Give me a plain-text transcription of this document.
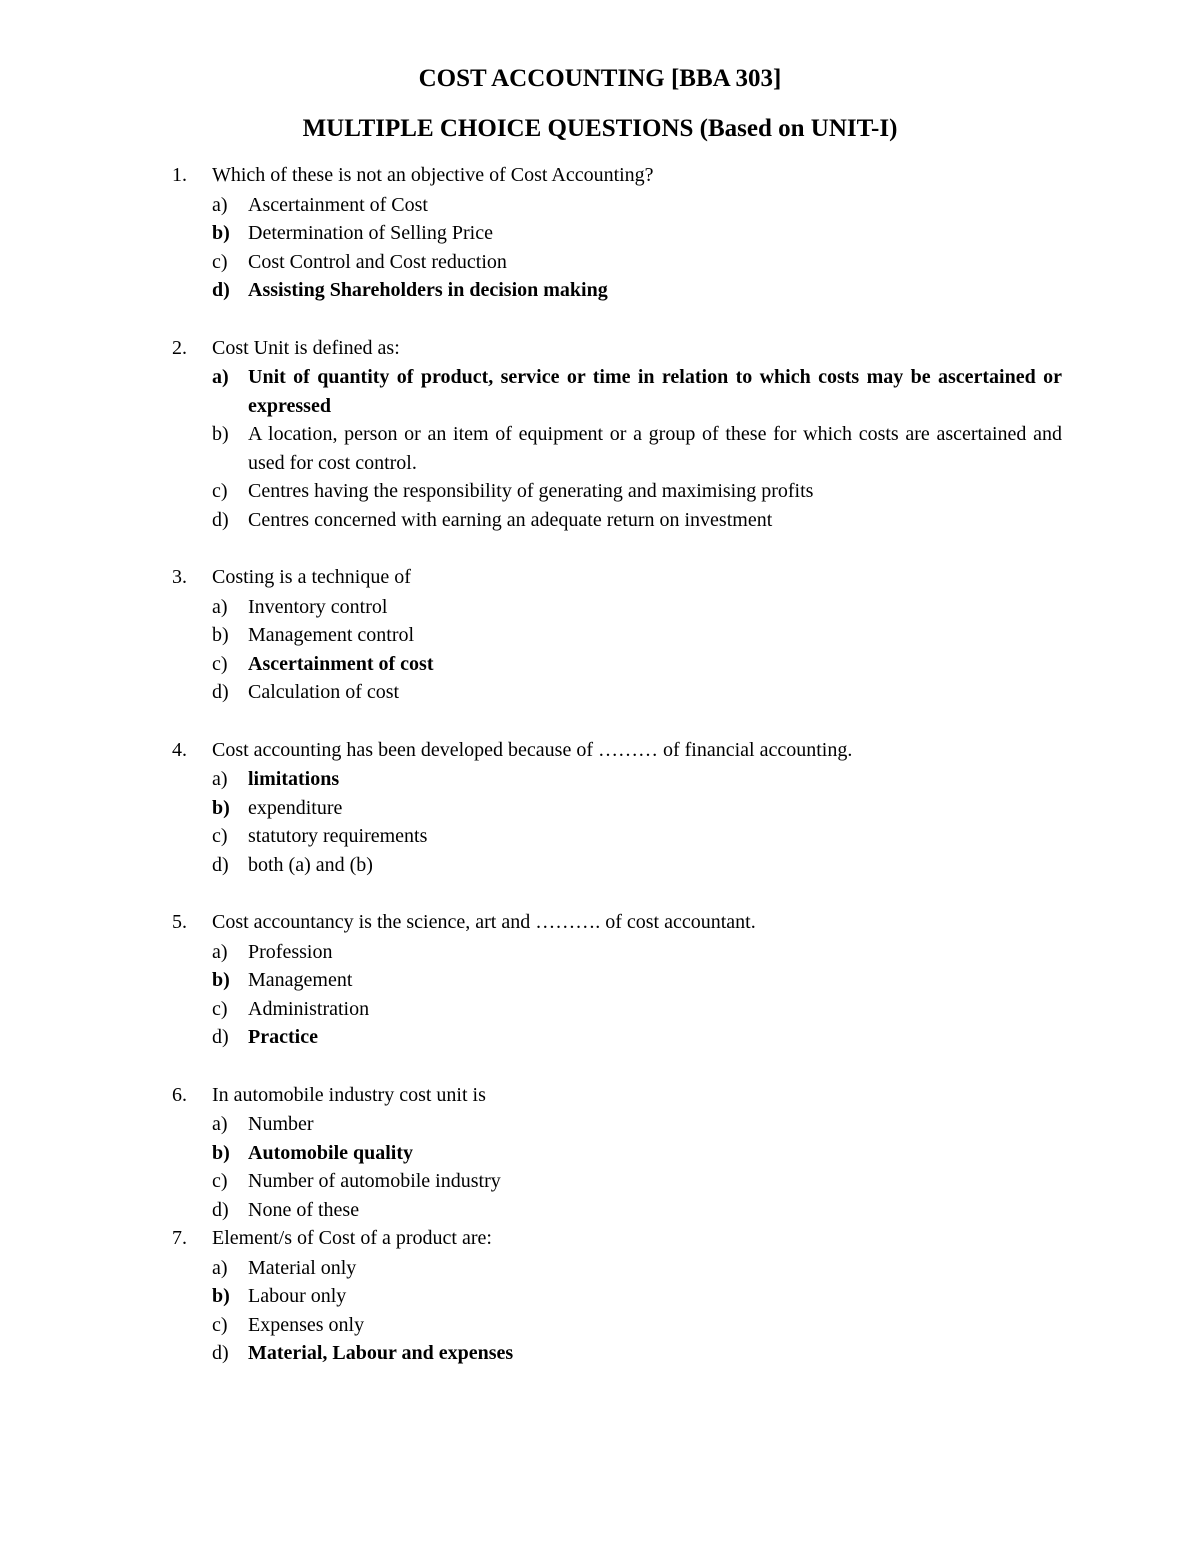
COST ACCOUNTING [BBA 303]
MULTIPLE CHOICE QUESTIONS (Based on UNIT-I)
1. Which of these is not an objective of Cost Accounting?
a) Ascertainment of Cost
b) Determination of Selling Price
c) Cost Control and Cost reduction
d) Assisting Shareholders in decision making
2. Cost Unit is defined as:
a) Unit of quantity of product, service or time in relation to which costs may be ascertained or expressed
b) A location, person or an item of equipment or a group of these for which costs are ascertained and used for cost control.
c) Centres having the responsibility of generating and maximising profits
d) Centres concerned with earning an adequate return on investment
3. Costing is a technique of
a) Inventory control
b) Management control
c) Ascertainment of cost
d) Calculation of cost
4. Cost accounting has been developed because of ……… of financial accounting.
a) limitations
b) expenditure
c) statutory requirements
d) both (a) and (b)
5. Cost accountancy is the science, art and ………. of cost accountant.
a) Profession
b) Management
c) Administration
d) Practice
6. In automobile industry cost unit is
a) Number
b) Automobile quality
c) Number of automobile industry
d) None of these
7. Element/s of Cost of a product are:
a) Material only
b) Labour only
c) Expenses only
d) Material, Labour and expenses
